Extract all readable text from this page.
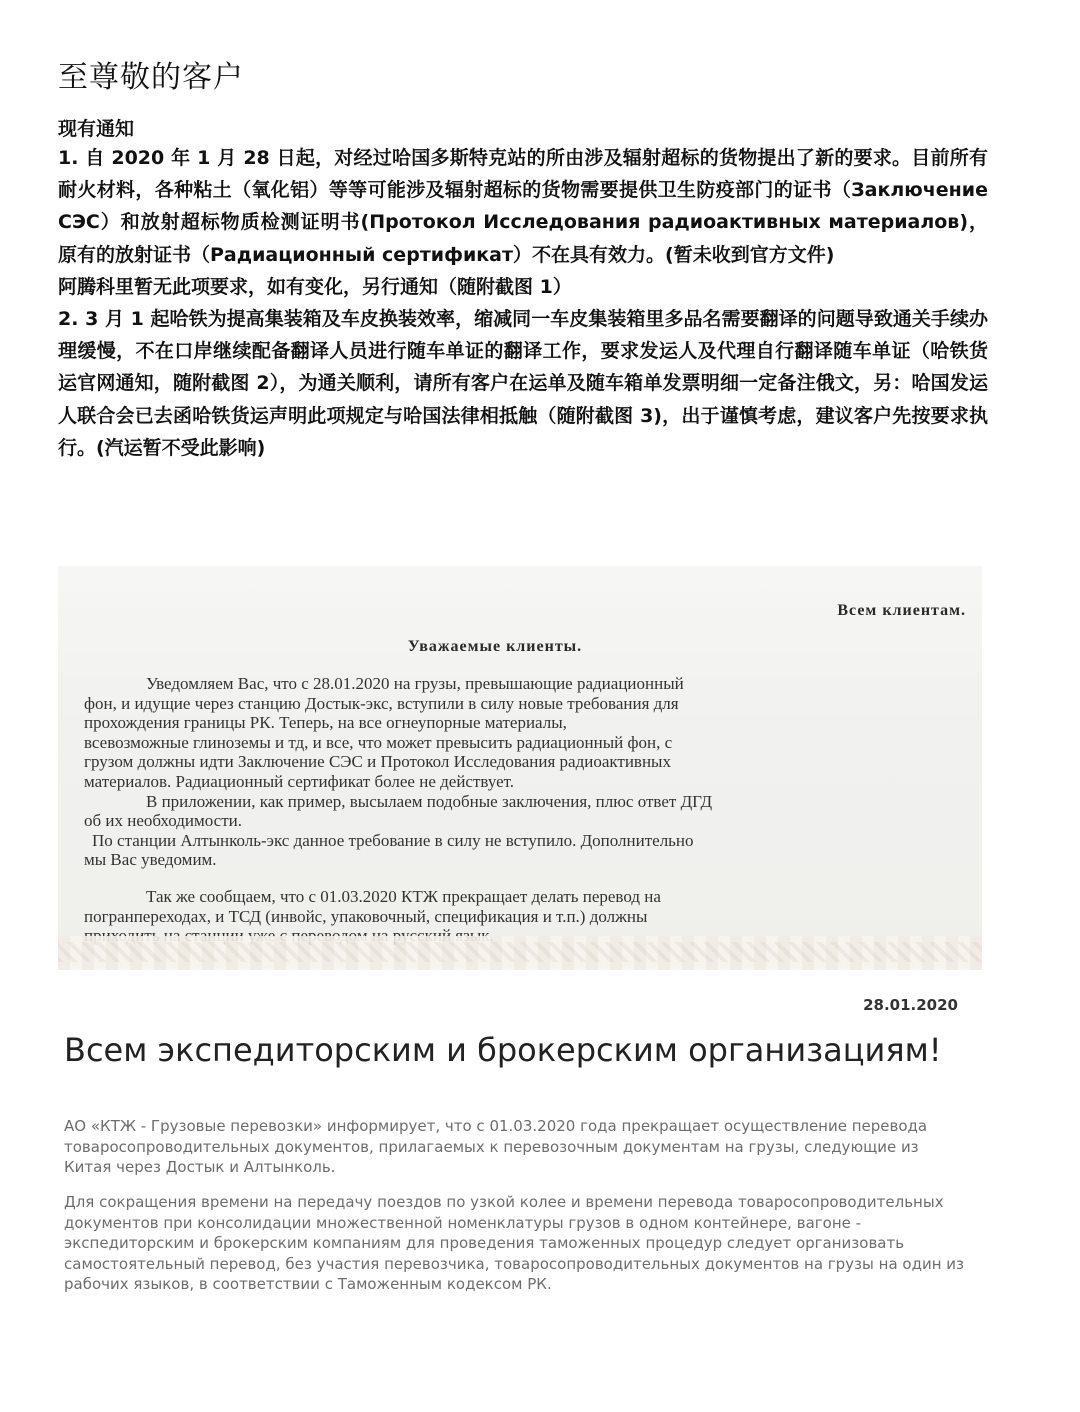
至尊敬的客户

现有通知

1. 自 2020 年 1 月 28 日起，对经过哈国多斯特克站的所由涉及辐射超标的货物提出了新的要求。目前所有耐火材料，各种粘土（氧化铝）等等可能涉及辐射超标的货物需要提供卫生防疫部门的证书（Заключение СЭС）和放射超标物质检测证明书(Протокол Исследования радиоактивных материалов)，原有的放射证书（Радиационный сертификат）不在具有效力。(暂未收到官方文件)

阿腾科里暂无此项要求，如有变化，另行通知（随附截图 1）

2. 3 月 1 起哈铁为提高集装箱及车皮换装效率，缩减同一车皮集装箱里多品名需要翻译的问题导致通关手续办理缓慢，不在口岸继续配备翻译人员进行随车单证的翻译工作，要求发运人及代理自行翻译随车单证（哈铁货运官网通知，随附截图 2），为通关顺利，请所有客户在运单及随车箱单发票明细一定备注俄文，另：哈国发运人联合会已去函哈铁货运声明此项规定与哈国法律相抵触（随附截图 3)，出于谨慎考虑，建议客户先按要求执行。(汽运暂不受此影响)

Всем клиентам.

Уважаемые клиенты.

Уведомляем Вас, что с 28.01.2020 на грузы, превышающие радиационный

фон, и идущие через станцию Достык-экс, вступили в силу новые требования для

прохождения границы РК. Теперь, на все огнеупорные материалы,

всевозможные глиноземы и тд, и все, что может превысить радиационный фон, с

грузом должны идти Заключение СЭС и Протокол Исследования радиоактивных

материалов. Радиационный сертификат более не действует.

В приложении, как пример, высылаем подобные заключения, плюс ответ ДГД

об их необходимости.

По станции Алтынколь-экс данное требование в силу не вступило. Дополнительно

мы Вас уведомим.

Так же сообщаем, что с 01.03.2020 КТЖ прекращает делать перевод на

погранпереходах, и ТСД (инвойс, упаковочный, спецификация и т.п.) должны

28.01.2020

Всем экспедиторским и брокерским организациям!

АО «КТЖ - Грузовые перевозки» информирует, что с 01.03.2020 года прекращает осуществление перевода товаросопроводительных документов, прилагаемых к перевозочным документам на грузы, следующие из Китая через Достык и Алтынколь.

Для сокращения времени на передачу поездов по узкой колее и времени перевода товаросопроводительных документов при консолидации множественной номенклатуры грузов в одном контейнере, вагоне - экспедиторским и брокерским компаниям для проведения таможенных процедур следует организовать самостоятельный перевод, без участия перевозчика, товаросопроводительных документов на грузы на один из рабочих языков, в соответствии с Таможенным кодексом РК.
